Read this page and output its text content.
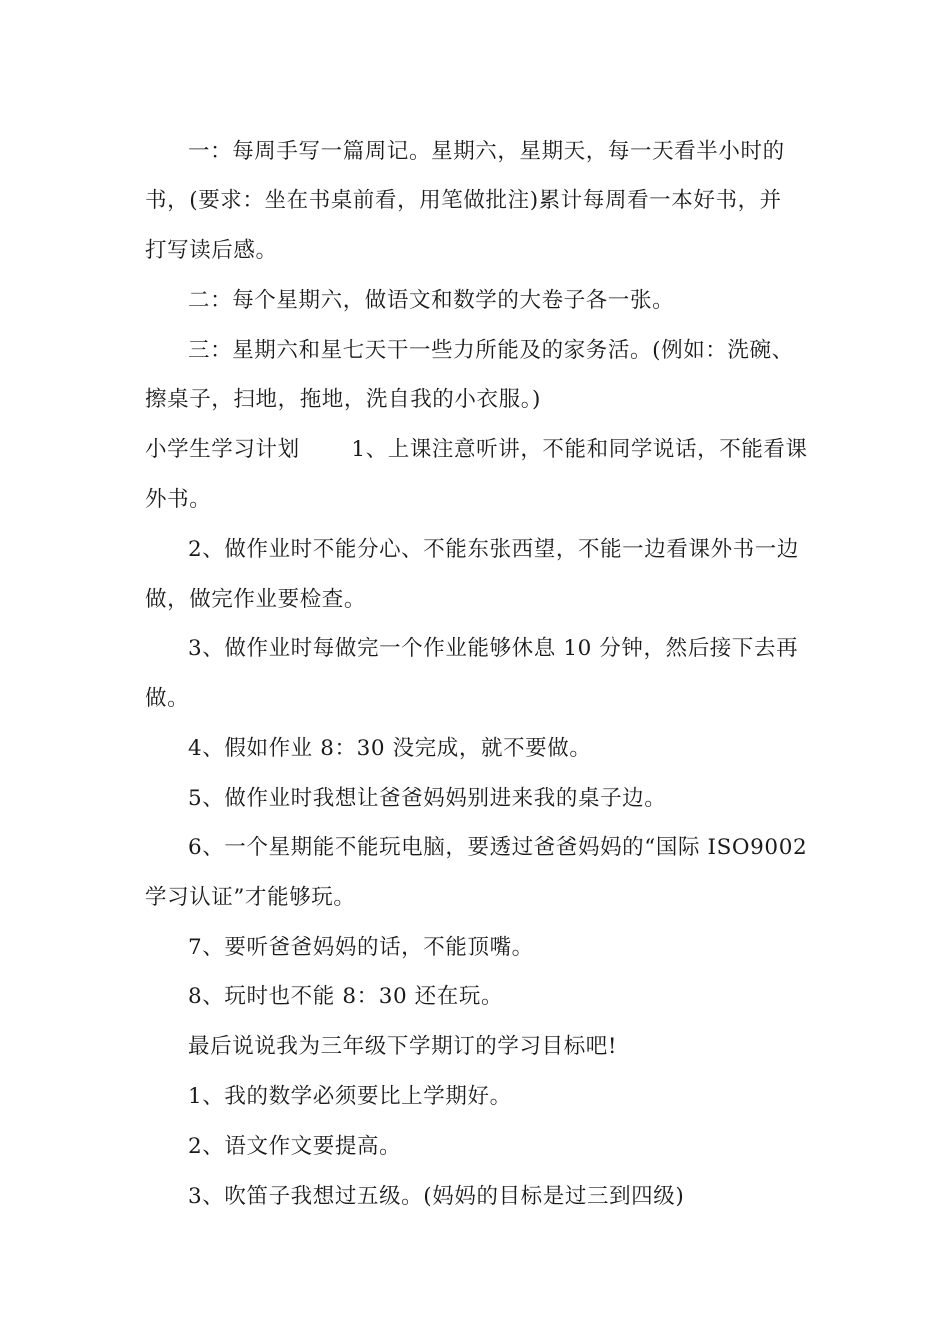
一：每周手写一篇周记。星期六，星期天，每一天看半小时的
书，(要求：坐在书桌前看，用笔做批注)累计每周看一本好书，并
打写读后感。
二：每个星期六，做语文和数学的大卷子各一张。
三：星期六和星七天干一些力所能及的家务活。(例如：洗碗、
擦桌子，扫地，拖地，洗自我的小衣服。)
小学生学习计划　　 1、上课注意听讲，不能和同学说话，不能看课
外书。
2、做作业时不能分心、不能东张西望，不能一边看课外书一边
做，做完作业要检查。
3、做作业时每做完一个作业能够休息 10 分钟，然后接下去再
做。
4、假如作业 8：30 没完成，就不要做。
5、做作业时我想让爸爸妈妈别进来我的桌子边。
6、一个星期能不能玩电脑，要透过爸爸妈妈的“国际 ISO9002
学习认证”才能够玩。
7、要听爸爸妈妈的话，不能顶嘴。
8、玩时也不能 8：30 还在玩。
最后说说我为三年级下学期订的学习目标吧!
1、我的数学必须要比上学期好。
2、语文作文要提高。
3、吹笛子我想过五级。(妈妈的目标是过三到四级)
